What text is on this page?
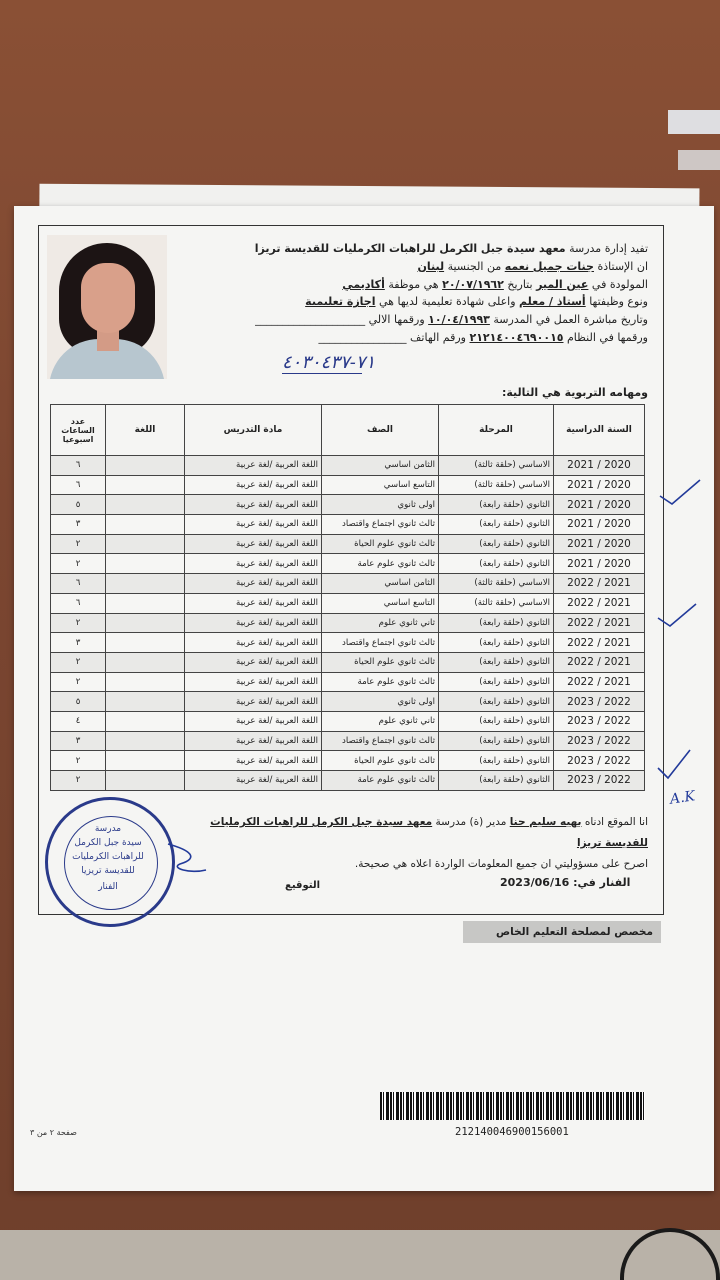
تفيد إدارة مدرسة معهد سيدة جبل الكرمل للراهبات الكرمليات للقديسة تريزا
ان الإستاذة جنات جميل نعمه من الجنسية لبنان
المولودة في عين المير بتاريخ ٢٠/٠٧/١٩٦٢ هي موظفة أكاديمي
ونوع وظيفتها أستاذ / معلم واعلى شهادة تعليمية لديها هي اجازة تعليمية
وتاريخ مباشرة العمل في المدرسة ١٠/٠٤/١٩٩٣ ورقمها الالي ____________________
ورقمها في النظام ٢١٢١٤٠٠٤٦٩٠٠١٥ ورقم الهاتف ________________
٧١-٤٠٣٠٤٣٧
ومهامه التربوية هي التالية:
السنة الدراسية	المرحلة	الصف	مادة التدريس	اللغة	عدد الساعات اسبوعيا
2020 / 2021	الاساسي (حلقة ثالثة)	الثامن اساسي	اللغة العربية /لغة عربية		٦
2020 / 2021	الاساسي (حلقة ثالثة)	التاسع اساسي	اللغة العربية /لغة عربية		٦
2020 / 2021	الثانوي (حلقة رابعة)	اولى ثانوي	اللغة العربية /لغة عربية		٥
2020 / 2021	الثانوي (حلقة رابعة)	ثالث ثانوي اجتماع واقتصاد	اللغة العربية /لغة عربية		٣
2020 / 2021	الثانوي (حلقة رابعة)	ثالث ثانوي علوم الحياة	اللغة العربية /لغة عربية		٢
2020 / 2021	الثانوي (حلقة رابعة)	ثالث ثانوي علوم عامة	اللغة العربية /لغة عربية		٢
2021 / 2022	الاساسي (حلقة ثالثة)	الثامن اساسي	اللغة العربية /لغة عربية		٦
2021 / 2022	الاساسي (حلقة ثالثة)	التاسع اساسي	اللغة العربية /لغة عربية		٦
2021 / 2022	الثانوي (حلقة رابعة)	ثاني ثانوي علوم	اللغة العربية /لغة عربية		٢
2021 / 2022	الثانوي (حلقة رابعة)	ثالث ثانوي اجتماع واقتصاد	اللغة العربية /لغة عربية		٣
2021 / 2022	الثانوي (حلقة رابعة)	ثالث ثانوي علوم الحياة	اللغة العربية /لغة عربية		٢
2021 / 2022	الثانوي (حلقة رابعة)	ثالث ثانوي علوم عامة	اللغة العربية /لغة عربية		٢
2022 / 2023	الثانوي (حلقة رابعة)	اولى ثانوي	اللغة العربية /لغة عربية		٥
2022 / 2023	الثانوي (حلقة رابعة)	ثاني ثانوي علوم	اللغة العربية /لغة عربية		٤
2022 / 2023	الثانوي (حلقة رابعة)	ثالث ثانوي اجتماع واقتصاد	اللغة العربية /لغة عربية		٣
2022 / 2023	الثانوي (حلقة رابعة)	ثالث ثانوي علوم الحياة	اللغة العربية /لغة عربية		٢
2022 / 2023	الثانوي (حلقة رابعة)	ثالث ثانوي علوم عامة	اللغة العربية /لغة عربية		٢
A.K
انا الموقع ادناه بهيه سليم حنا مدير (ة) مدرسة معهد سيدة جبل الكرمل للراهبات الكرمليات للقديسة تريزا
اصرح على مسؤوليتي ان جميع المعلومات الواردة اعلاه هي صحيحة.
الفنار في: 2023/06/16
التوقيع
مدرسة
سيدة جبل الكرمل
للراهبات الكرمليات
للقديسة تريزيا
الفنار
مخصص لمصلحة التعليم الخاص
212140046900156001
صفحة ٢ من ٣
